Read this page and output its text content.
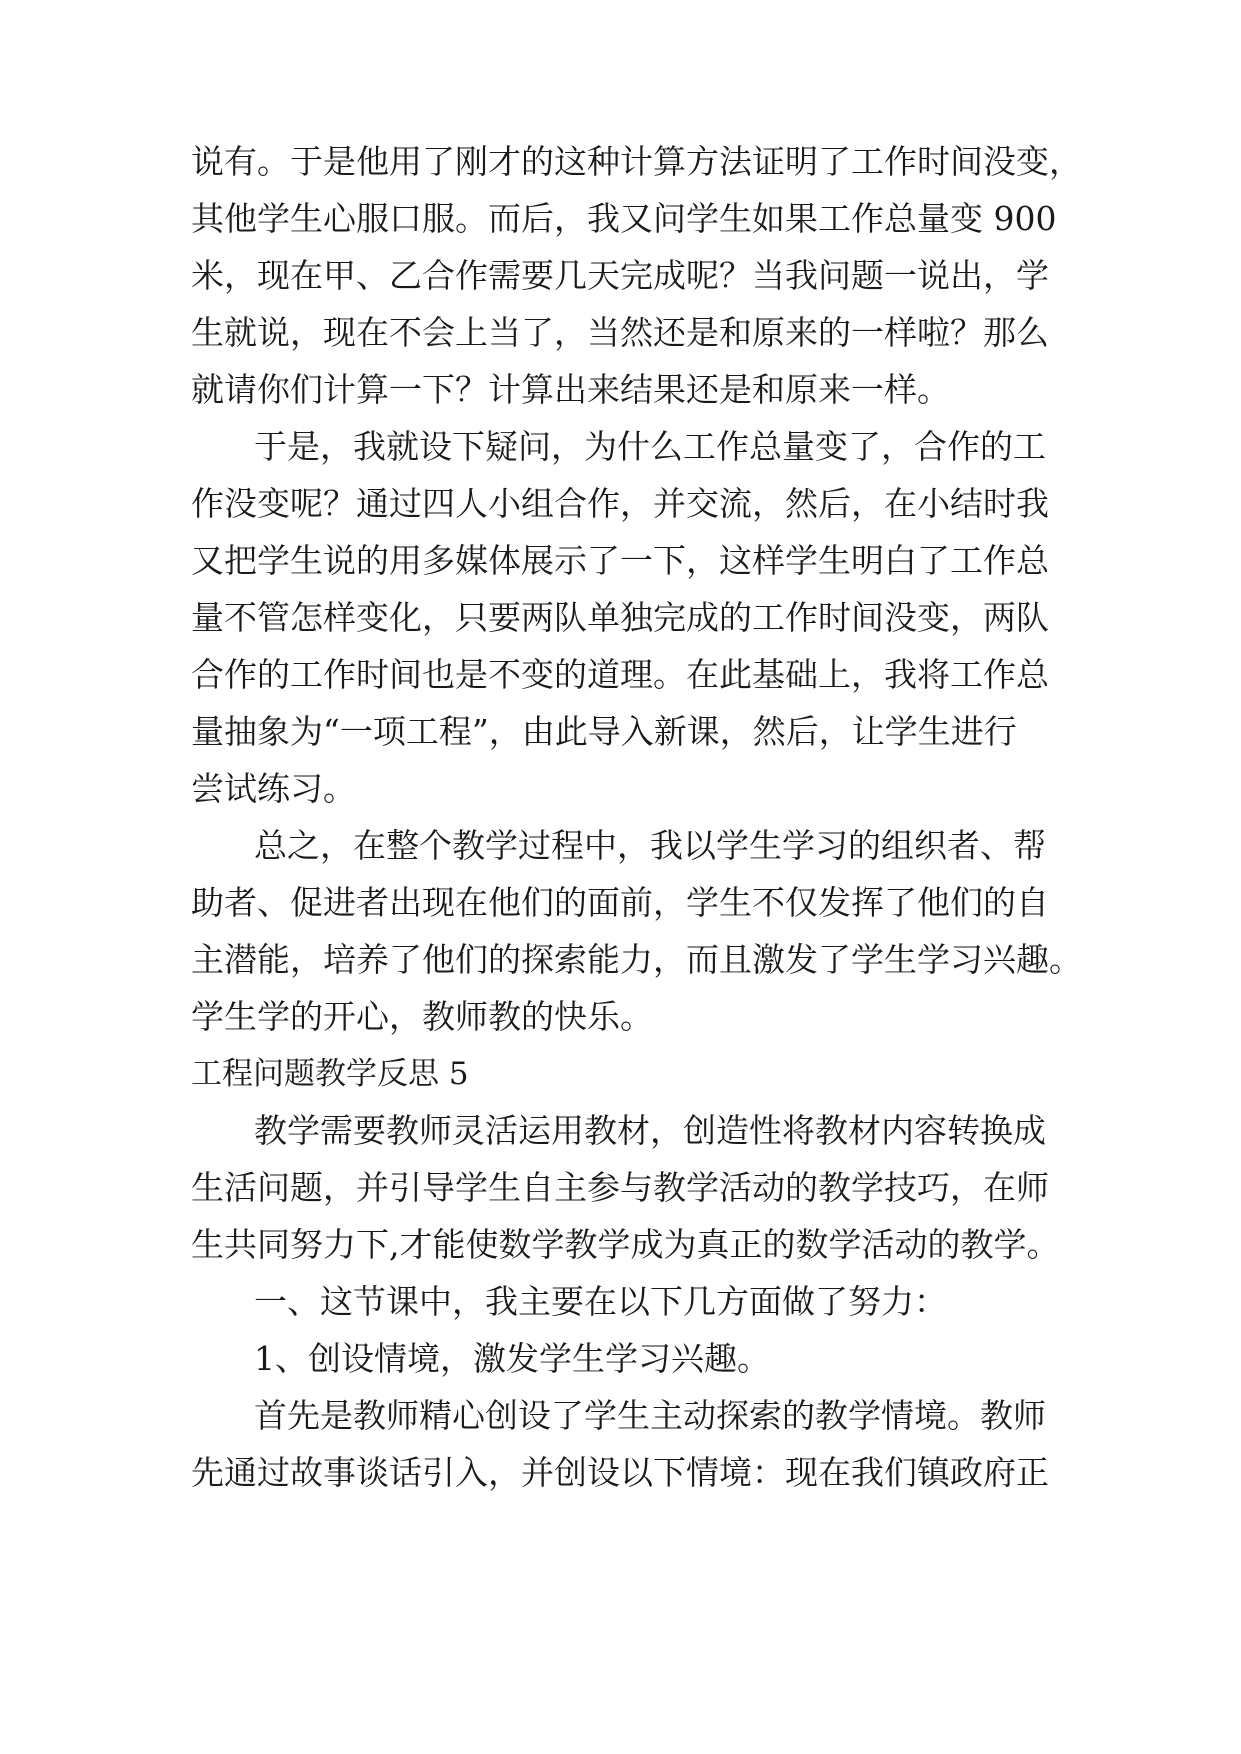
说有。于是他用了刚才的这种计算方法证明了工作时间没变，

其他学生心服口服。而后，我又问学生如果工作总量变 900

米，现在甲、乙合作需要几天完成呢？当我问题一说出，学

生就说，现在不会上当了，当然还是和原来的一样啦？那么

就请你们计算一下？计算出来结果还是和原来一样。

于是，我就设下疑问，为什么工作总量变了，合作的工

作没变呢？通过四人小组合作，并交流，然后，在小结时我

又把学生说的用多媒体展示了一下，这样学生明白了工作总

量不管怎样变化，只要两队单独完成的工作时间没变，两队

合作的工作时间也是不变的道理。在此基础上，我将工作总

量抽象为“一项工程”，由此导入新课，然后，让学生进行

尝试练习。

总之，在整个教学过程中，我以学生学习的组织者、帮

助者、促进者出现在他们的面前，学生不仅发挥了他们的自

主潜能，培养了他们的探索能力，而且激发了学生学习兴趣。

学生学的开心，教师教的快乐。

工程问题教学反思 5

教学需要教师灵活运用教材，创造性将教材内容转换成

生活问题，并引导学生自主参与教学活动的教学技巧，在师

生共同努力下,才能使数学教学成为真正的数学活动的教学。

一、这节课中，我主要在以下几方面做了努力：

1、创设情境，激发学生学习兴趣。

首先是教师精心创设了学生主动探索的教学情境。教师

先通过故事谈话引入，并创设以下情境：现在我们镇政府正
